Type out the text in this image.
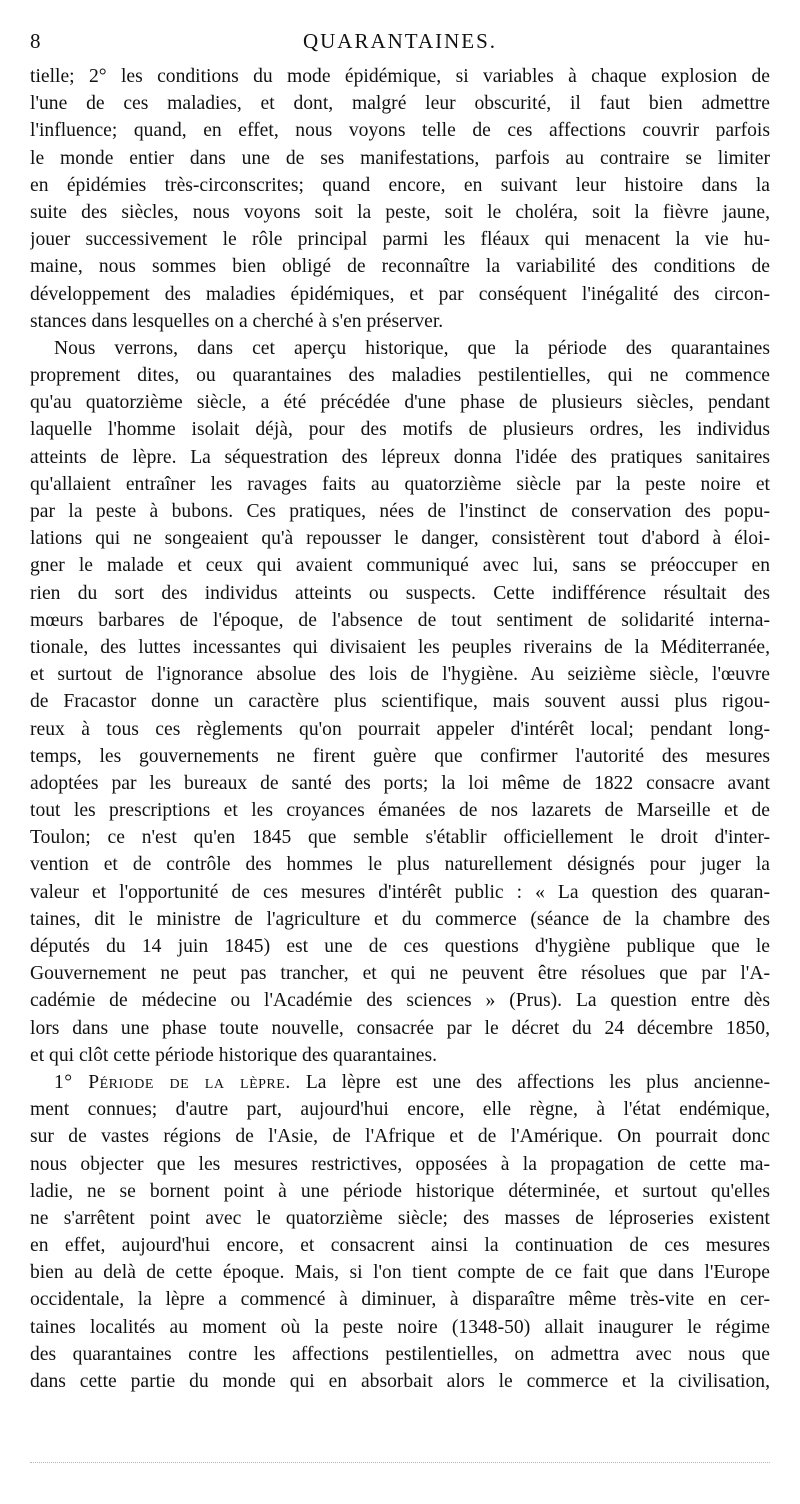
8	QUARANTAINES.
tielle; 2° les conditions du mode épidémique, si variables à chaque explosion de
l'une de ces maladies, et dont, malgré leur obscurité, il faut bien admettre
l'influence; quand, en effet, nous voyons telle de ces affections couvrir parfois
le monde entier dans une de ses manifestations, parfois au contraire se limiter
en épidémies très-circonscrites; quand encore, en suivant leur histoire dans la
suite des siècles, nous voyons soit la peste, soit le choléra, soit la fièvre jaune,
jouer successivement le rôle principal parmi les fléaux qui menacent la vie hu-
maine, nous sommes bien obligé de reconnaître la variabilité des conditions de
développement des maladies épidémiques, et par conséquent l'inégalité des circon-
stances dans lesquelles on a cherché à s'en préserver.
Nous verrons, dans cet aperçu historique, que la période des quarantaines
proprement dites, ou quarantaines des maladies pestilentielles, qui ne commence
qu'au quatorzième siècle, a été précédée d'une phase de plusieurs siècles, pendant
laquelle l'homme isolait déjà, pour des motifs de plusieurs ordres, les individus
atteints de lèpre. La séquestration des lépreux donna l'idée des pratiques sanitaires
qu'allaient entraîner les ravages faits au quatorzième siècle par la peste noire et
par la peste à bubons. Ces pratiques, nées de l'instinct de conservation des popu-
lations qui ne songeaient qu'à repousser le danger, consistèrent tout d'abord à éloi-
gner le malade et ceux qui avaient communiqué avec lui, sans se préoccuper en
rien du sort des individus atteints ou suspects. Cette indifférence résultait des
mœurs barbares de l'époque, de l'absence de tout sentiment de solidarité interna-
tionale, des luttes incessantes qui divisaient les peuples riverains de la Méditerranée,
et surtout de l'ignorance absolue des lois de l'hygiène. Au seizième siècle, l'œuvre
de Fracastor donne un caractère plus scientifique, mais souvent aussi plus rigou-
reux à tous ces règlements qu'on pourrait appeler d'intérêt local; pendant long-
temps, les gouvernements ne firent guère que confirmer l'autorité des mesures
adoptées par les bureaux de santé des ports; la loi même de 1822 consacre avant
tout les prescriptions et les croyances émanées de nos lazarets de Marseille et de
Toulon; ce n'est qu'en 1845 que semble s'établir officiellement le droit d'inter-
vention et de contrôle des hommes le plus naturellement désignés pour juger la
valeur et l'opportunité de ces mesures d'intérêt public : « La question des quaran-
taines, dit le ministre de l'agriculture et du commerce (séance de la chambre des
députés du 14 juin 1845) est une de ces questions d'hygiène publique que le
Gouvernement ne peut pas trancher, et qui ne peuvent être résolues que par l'A-
cadémie de médecine ou l'Académie des sciences » (Prus). La question entre dès
lors dans une phase toute nouvelle, consacrée par le décret du 24 décembre 1850,
et qui clôt cette période historique des quarantaines.
1° Période de la lèpre. La lèpre est une des affections les plus ancienne-
ment connues; d'autre part, aujourd'hui encore, elle règne, à l'état endémique,
sur de vastes régions de l'Asie, de l'Afrique et de l'Amérique. On pourrait donc
nous objecter que les mesures restrictives, opposées à la propagation de cette ma-
ladie, ne se bornent point à une période historique déterminée, et surtout qu'elles
ne s'arrêtent point avec le quatorzième siècle; des masses de léproseries existent
en effet, aujourd'hui encore, et consacrent ainsi la continuation de ces mesures
bien au delà de cette époque. Mais, si l'on tient compte de ce fait que dans l'Europe
occidentale, la lèpre a commencé à diminuer, à disparaître même très-vite en cer-
taines localités au moment où la peste noire (1348-50) allait inaugurer le régime
des quarantaines contre les affections pestilentielles, on admettra avec nous que
dans cette partie du monde qui en absorbait alors le commerce et la civilisation,
